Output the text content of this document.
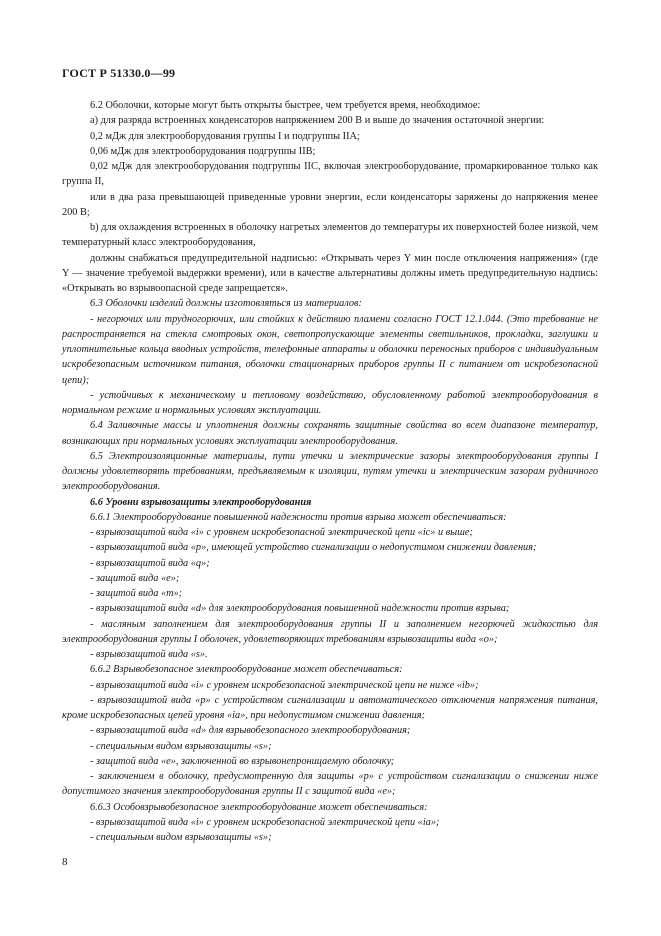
ГОСТ Р 51330.0—99

6.2 Оболочки, которые могут быть открыты быстрее, чем требуется время, необходимое:

а) для разряда встроенных конденсаторов напряжением 200 В и выше до значения остаточной энергии:

0,2 мДж для электрооборудования группы I и подгруппы IIА;

0,06 мДж для электрооборудования подгруппы IIВ;

0,02 мДж для электрооборудования подгруппы IIС, включая электрооборудование, промаркированное только как группа II,

или в два раза превышающей приведенные уровни энергии, если конденсаторы заряжены до напряжения менее 200 В;

b) для охлаждения встроенных в оболочку нагретых элементов до температуры их поверхностей более низкой, чем температурный класс электрооборудования,

должны снабжаться предупредительной надписью: «Открывать через Y мин после отключения напряжения» (где Y — значение требуемой выдержки времени), или в качестве альтернативы должны иметь предупредительную надпись: «Открывать во взрывоопасной среде запрещается».

6.3 Оболочки изделий должны изготовляться из материалов:

- негорючих или трудногорючих, или стойких к действию пламени согласно ГОСТ 12.1.044. (Это требование не распространяется на стекла смотровых окон, светопропускающие элементы светильников, прокладки, заглушки и уплотнительные кольца вводных устройств, телефонные аппараты и оболочки переносных приборов с индивидуальным искробезопасным источником питания, оболочки стационарных приборов группы II с питанием от искробезопасной цепи);

- устойчивых к механическому и тепловому воздействию, обусловленному работой электрооборудования в нормальном режиме и нормальных условиях эксплуатации.

6.4 Заливочные массы и уплотнения должны сохранять защитные свойства во всем диапазоне температур, возникающих при нормальных условиях эксплуатации электрооборудования.

6.5 Электроизоляционные материалы, пути утечки и электрические зазоры электрооборудования группы I должны удовлетворять требованиям, предъявляемым к изоляции, путям утечки и электрическим зазорам рудничного электрооборудования.

6.6 Уровни взрывозащиты электрооборудования

6.6.1 Электрооборудование повышенной надежности против взрыва может обеспечиваться:

- взрывозащитой вида «i» с уровнем искробезопасной электрической цепи «ic» и выше;

- взрывозащитой вида «р», имеющей устройство сигнализации о недопустимом снижении давления;

- взрывозащитой вида «q»;

- защитой вида «е»;

- защитой вида «m»;

- взрывозащитой вида «d» для электрооборудования повышенной надежности против взрыва;

- масляным заполнением для электрооборудования группы II и заполнением негорючей жидкостью для электрооборудования группы I оболочек, удовлетворяющих требованиям взрывозащиты вида «о»;

- взрывозащитой вида «s».

6.6.2 Взрывобезопасное электрооборудование может обеспечиваться:

- взрывозащитой вида «i» с уровнем искробезопасной электрической цепи не ниже «ib»;

- взрывозащитой вида «р» с устройством сигнализации и автоматического отключения напряжения питания, кроме искробезопасных цепей уровня «ia», при недопустимом снижении давления;

- взрывозащитой вида «d» для взрывобезопасного электрооборудования;

- специальным видом взрывозащиты «s»;

- защитой вида «е», заключенной во взрывонепроницаемую оболочку;

- заключением в оболочку, предусмотренную для защиты «р» с устройством сигнализации о снижении ниже допустимого значения электрооборудования группы II с защитой вида «е»;

6.6.3 Особовзрывобезопасное электрооборудование может обеспечиваться:

- взрывозащитой вида «i» с уровнем искробезопасной электрической цепи «ia»;

- специальным видом взрывозащиты «s»;

8
